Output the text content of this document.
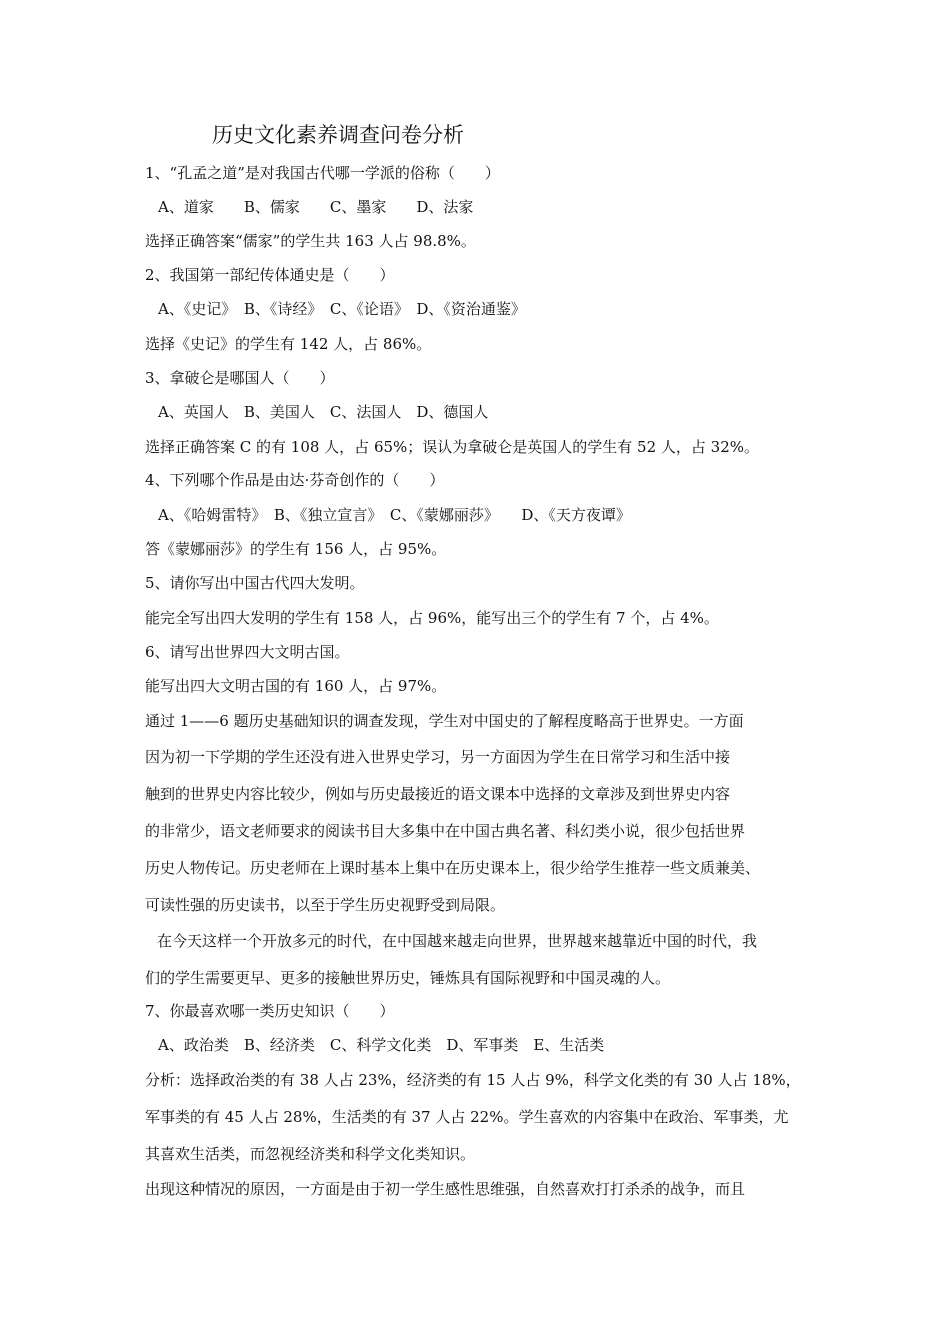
历史文化素养调查问卷分析
1、“孔孟之道”是对我国古代哪一学派的俗称（　　）
A、道家　　B、儒家　　C、墨家　　D、法家
选择正确答案“儒家”的学生共 163 人占 98.8%。
2、我国第一部纪传体通史是（　　）
A、《史记》　B、《诗经》　C、《论语》　D、《资治通鉴》
选择《史记》的学生有 142 人，占 86%。
3、拿破仑是哪国人（　　）
A、英国人　B、美国人　C、法国人　D、德国人
选择正确答案 C 的有 108 人，占 65%；误认为拿破仑是英国人的学生有 52 人，占 32%。
4、下列哪个作品是由达·芬奇创作的（　　）
A、《哈姆雷特》　B、《独立宣言》　C、《蒙娜丽莎》　　D、《天方夜谭》
答《蒙娜丽莎》的学生有 156 人，占 95%。
5、请你写出中国古代四大发明。
能完全写出四大发明的学生有 158 人，占 96%，能写出三个的学生有 7 个，占 4%。
6、请写出世界四大文明古国。
能写出四大文明古国的有 160 人，占 97%。
通过 1——6 题历史基础知识的调查发现，学生对中国史的了解程度略高于世界史。一方面
因为初一下学期的学生还没有进入世界史学习，另一方面因为学生在日常学习和生活中接
触到的世界史内容比较少，例如与历史最接近的语文课本中选择的文章涉及到世界史内容
的非常少，语文老师要求的阅读书目大多集中在中国古典名著、科幻类小说，很少包括世界
历史人物传记。历史老师在上课时基本上集中在历史课本上，很少给学生推荐一些文质兼美、
可读性强的历史读书，以至于学生历史视野受到局限。
在今天这样一个开放多元的时代，在中国越来越走向世界，世界越来越靠近中国的时代，我
们的学生需要更早、更多的接触世界历史，锤炼具有国际视野和中国灵魂的人。
7、你最喜欢哪一类历史知识（　　）
A、政治类　B、经济类　C、科学文化类　D、军事类　E、生活类
分析：选择政治类的有 38 人占 23%，经济类的有 15 人占 9%，科学文化类的有 30 人占 18%，
军事类的有 45 人占 28%，生活类的有 37 人占 22%。学生喜欢的内容集中在政治、军事类，尤
其喜欢生活类，而忽视经济类和科学文化类知识。
出现这种情况的原因，一方面是由于初一学生感性思维强，自然喜欢打打杀杀的战争，而且
